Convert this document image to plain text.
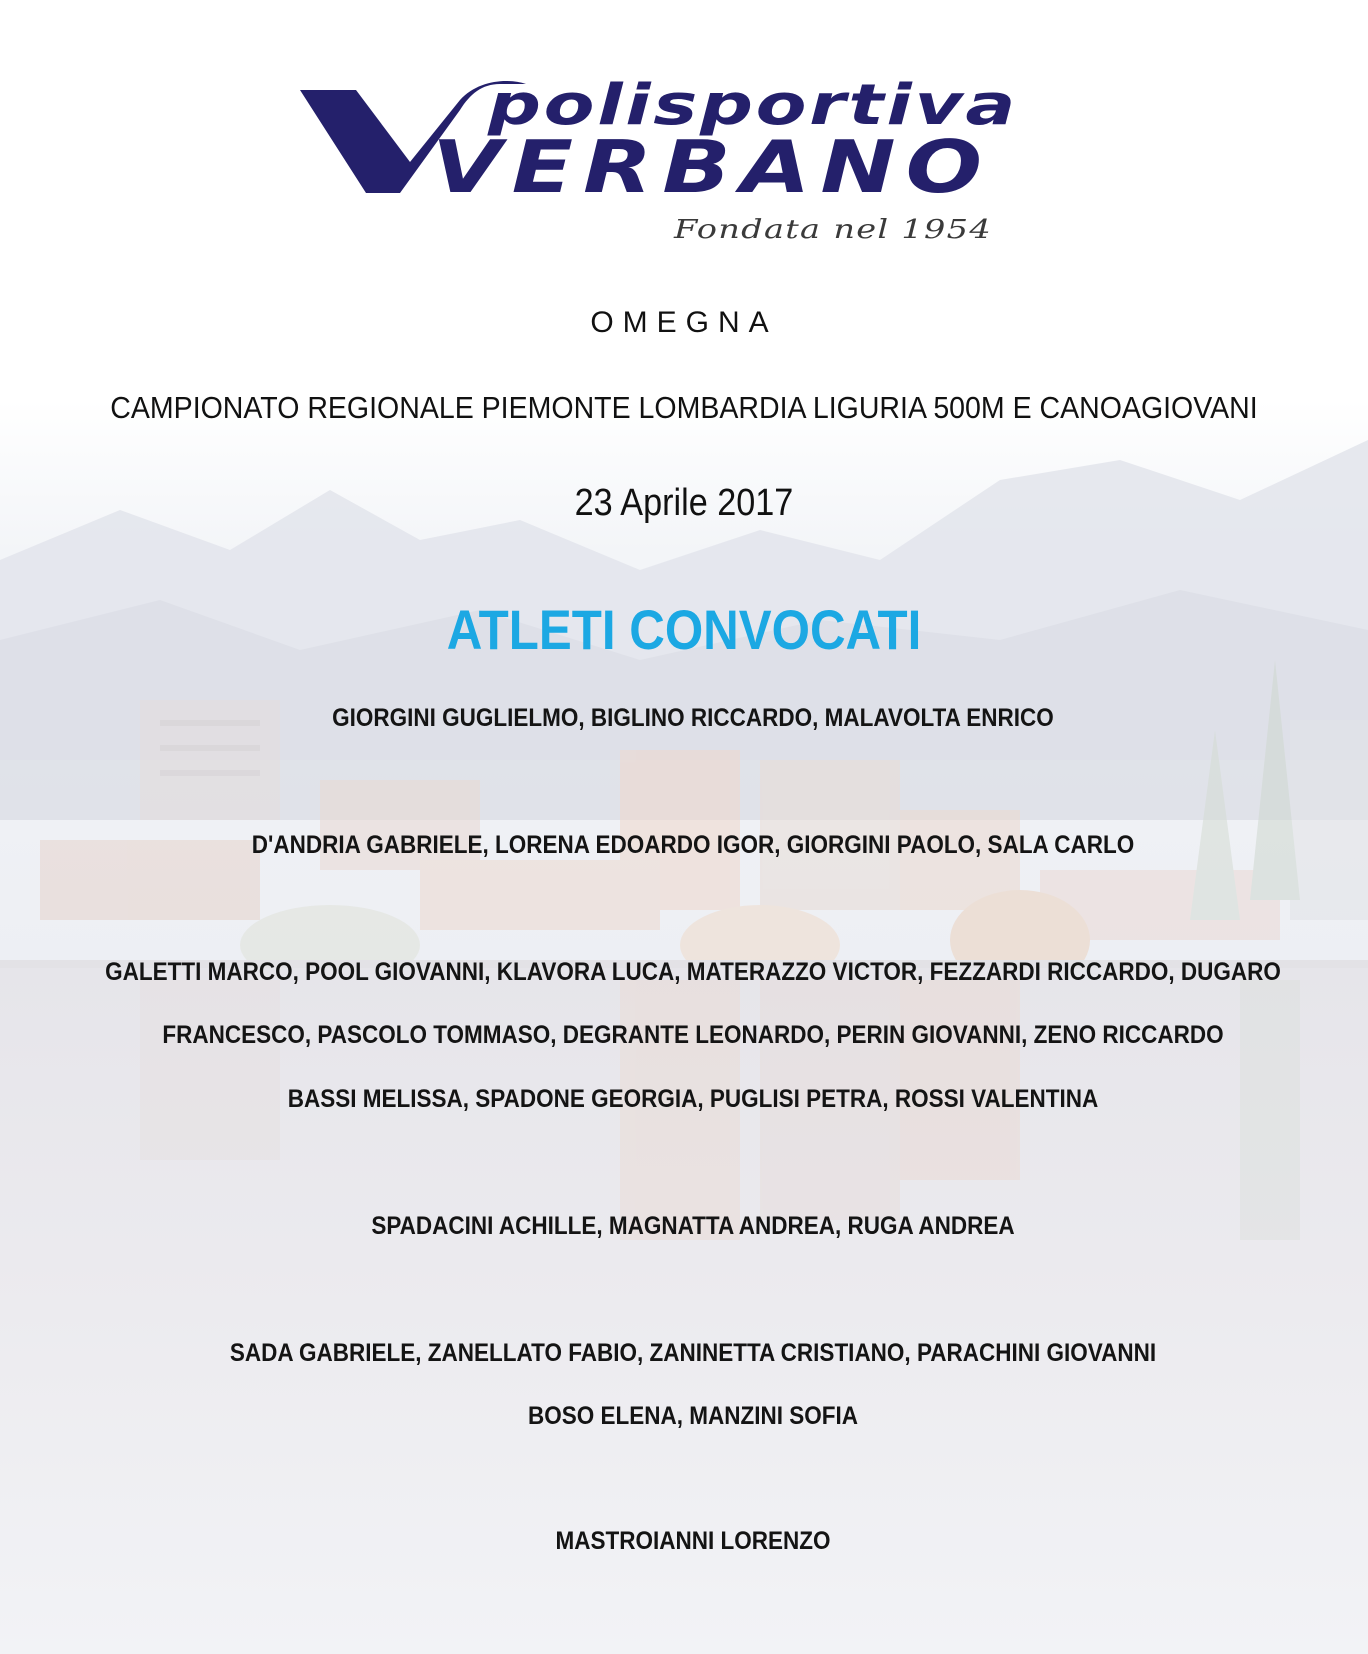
polisportiva
VERBANO
Fondata nel 1954
OMEGNA
CAMPIONATO REGIONALE PIEMONTE LOMBARDIA LIGURIA 500M E CANOAGIOVANI
23 Aprile 2017
ATLETI CONVOCATI
GIORGINI GUGLIELMO, BIGLINO RICCARDO, MALAVOLTA ENRICO
D'ANDRIA GABRIELE, LORENA EDOARDO IGOR, GIORGINI PAOLO, SALA CARLO
GALETTI MARCO, POOL GIOVANNI, KLAVORA LUCA, MATERAZZO VICTOR, FEZZARDI RICCARDO, DUGARO
FRANCESCO, PASCOLO TOMMASO, DEGRANTE LEONARDO, PERIN GIOVANNI, ZENO RICCARDO
BASSI MELISSA, SPADONE GEORGIA, PUGLISI PETRA, ROSSI VALENTINA
SPADACINI ACHILLE, MAGNATTA ANDREA, RUGA ANDREA
SADA GABRIELE, ZANELLATO FABIO, ZANINETTA CRISTIANO, PARACHINI GIOVANNI
BOSO ELENA, MANZINI SOFIA
MASTROIANNI LORENZO
